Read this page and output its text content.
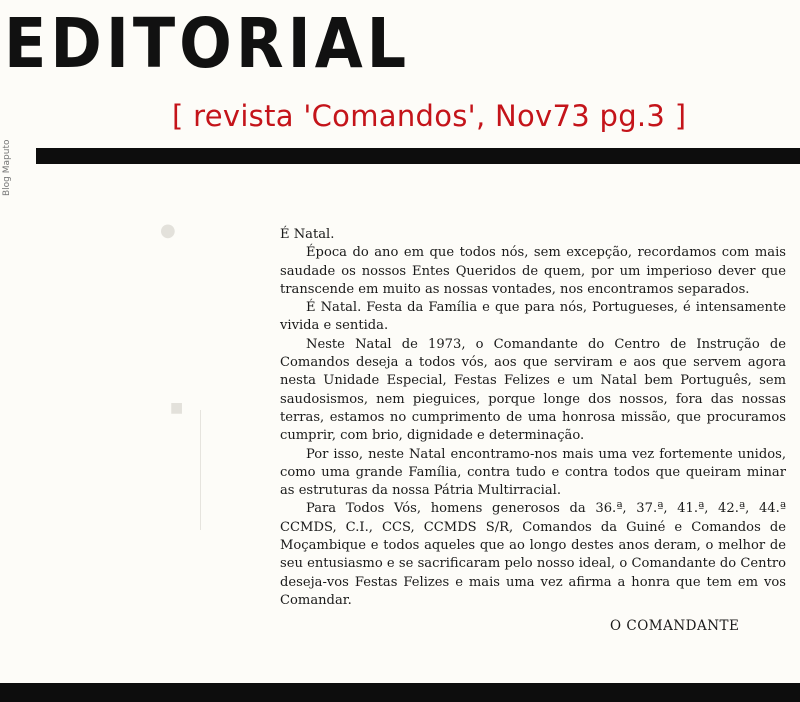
EDITORIAL
[ revista 'Comandos', Nov73 pg.3 ]
Blog Maputo
●
■

É Natal.

Época do ano em que todos nós, sem excepção, recordamos com mais saudade os nossos Entes Queridos de quem, por um imperioso dever que transcende em muito as nossas vontades, nos encontramos separados.

É Natal. Festa da Família e que para nós, Portugueses, é intensamente vivida e sentida.

Neste Natal de 1973, o Comandante do Centro de Instrução de Comandos deseja a todos vós, aos que serviram e aos que servem agora nesta Unidade Especial, Festas Felizes e um Natal bem Português, sem saudosismos, nem pieguices, porque longe dos nossos, fora das nossas terras, estamos no cumprimento de uma honrosa missão, que procuramos cumprir, com brio, dignidade e determinação.

Por isso, neste Natal encontramo-nos mais uma vez fortemente unidos, como uma grande Família, contra tudo e contra todos que queiram minar as estruturas da nossa Pátria Multirracial.

Para Todos Vós, homens generosos da 36.ª, 37.ª, 41.ª, 42.ª, 44.ª CCMDS, C.I., CCS, CCMDS S/R, Comandos da Guiné e Comandos de Moçambique e todos aqueles que ao longo destes anos deram, o melhor de seu entusiasmo e se sacrificaram pelo nosso ideal, o Comandante do Centro deseja-vos Festas Felizes e mais uma vez afirma a honra que tem em vos Comandar.

O COMANDANTE
